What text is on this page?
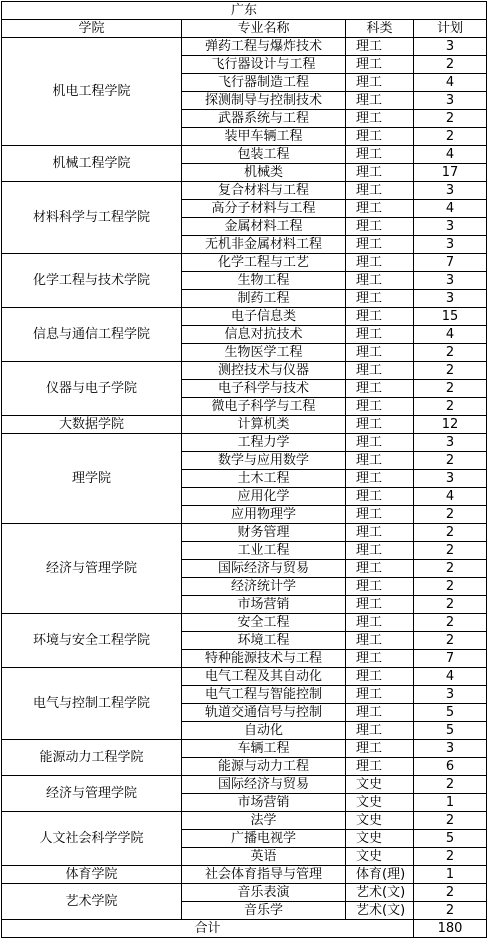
广东			
学院	专业名称	科类	计划
机电工程学院	弹药工程与爆炸技术	理工	3
	飞行器设计与工程	理工	2
	飞行器制造工程	理工	4
	探测制导与控制技术	理工	3
	武器系统与工程	理工	2
	装甲车辆工程	理工	2
机械工程学院	包装工程	理工	4
	机械类	理工	17
材料科学与工程学院	复合材料与工程	理工	3
	高分子材料与工程	理工	4
	金属材料工程	理工	3
	无机非金属材料工程	理工	3
化学工程与技术学院	化学工程与工艺	理工	7
	生物工程	理工	3
	制药工程	理工	3
信息与通信工程学院	电子信息类	理工	15
	信息对抗技术	理工	4
	生物医学工程	理工	2
仪器与电子学院	测控技术与仪器	理工	2
	电子科学与技术	理工	2
	微电子科学与工程	理工	2
大数据学院	计算机类	理工	12
理学院	工程力学	理工	3
	数学与应用数学	理工	2
	土木工程	理工	3
	应用化学	理工	4
	应用物理学	理工	2
经济与管理学院	财务管理	理工	2
	工业工程	理工	2
	国际经济与贸易	理工	2
	经济统计学	理工	2
	市场营销	理工	2
环境与安全工程学院	安全工程	理工	2
	环境工程	理工	2
	特种能源技术与工程	理工	7
电气与控制工程学院	电气工程及其自动化	理工	4
	电气工程与智能控制	理工	3
	轨道交通信号与控制	理工	5
	自动化	理工	5
能源动力工程学院	车辆工程	理工	3
	能源与动力工程	理工	6
经济与管理学院	国际经济与贸易	文史	2
	市场营销	文史	1
人文社会科学学院	法学	文史	2
	广播电视学	文史	5
	英语	文史	2
体育学院	社会体育指导与管理	体育(理)	1
艺术学院	音乐表演	艺术(文)	2
	音乐学	艺术(文)	2
合计			180
